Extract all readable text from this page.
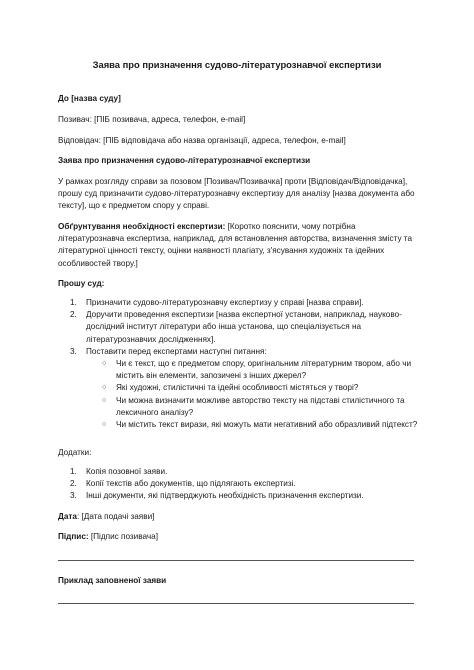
Заява про призначення судово-літературознавчої експертизи

До [назва суду]

Позивач: [ПІБ позивача, адреса, телефон, e-mail]

Відповідач: [ПІБ відповідача або назва організації, адреса, телефон, e-mail]

Заява про призначення судово-літературознавчої експертизи

У рамках розгляду справи за позовом [Позивач/Позивачка] проти [Відповідач/Відповідачка], прошу суд призначити судово-літературознавчу експертизу для аналізу [назва документа або тексту], що є предметом спору у справі.

Обґрунтування необхідності експертизи: [Коротко пояснити, чому потрібна літературознавча експертиза, наприклад, для встановлення авторства, визначення змісту та літературної цінності тексту, оцінки наявності плагіату, з'ясування художніх та ідейних особливостей твору.]

Прошу суд:

1. Призначити судово-літературознавчу експертизу у справі [назва справи].
2. Доручити проведення експертизи [назва експертної установи, наприклад, науково-дослідний інститут літератури або інша установа, що спеціалізується на літературознавчих дослідженнях].
3. Поставити перед експертами наступні питання:
○ Чи є текст, що є предметом спору, оригінальним літературним твором, або чи містить він елементи, запозичені з інших джерел?
○ Які художні, стилістичні та ідейні особливості містяться у творі?
○ Чи можна визначити можливе авторство тексту на підставі стилістичного та лексичного аналізу?
○ Чи містить текст вирази, які можуть мати негативний або образливий підтекст?

Додатки:

1. Копія позовної заяви.
2. Копії текстів або документів, що підлягають експертизі.
3. Інші документи, які підтверджують необхідність призначення експертизи.

Дата: [Дата подачі заяви]

Підпис: [Підпис позивача]

Приклад заповненої заяви
